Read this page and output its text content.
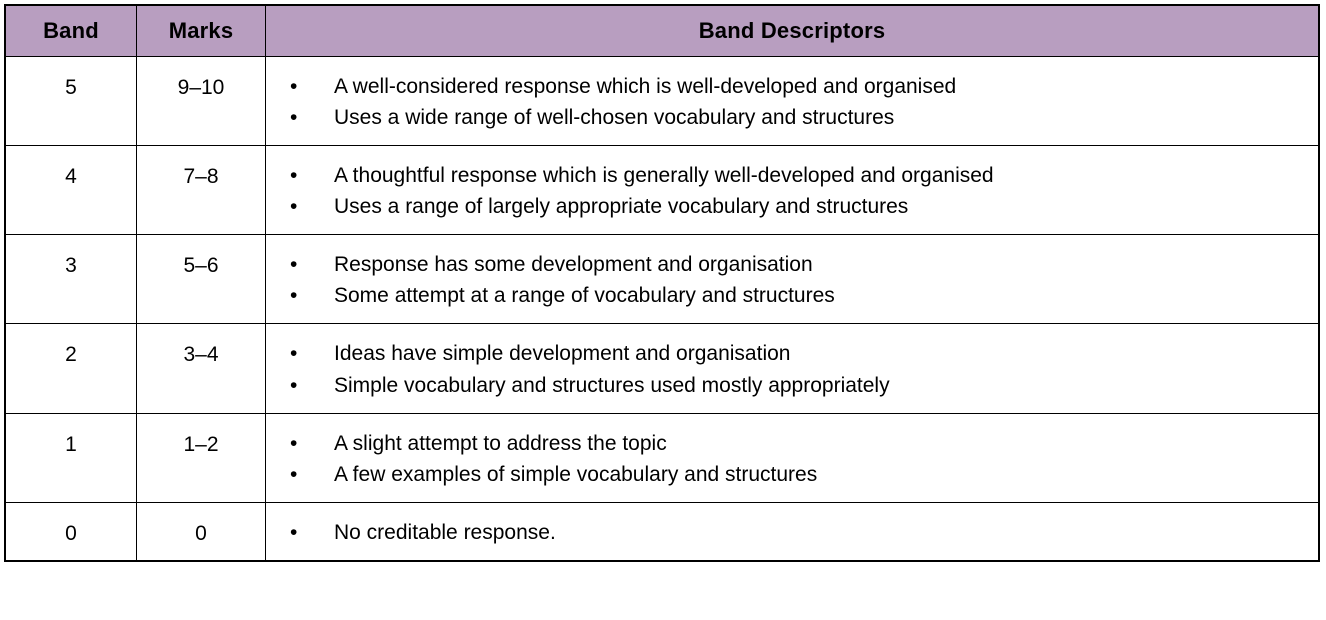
Band	Marks	Band Descriptors
5	9–10	• A well-considered response which is well-developed and organised
• Uses a wide range of well-chosen vocabulary and structures

4	7–8	• A thoughtful response which is generally well-developed and organised
• Uses a range of largely appropriate vocabulary and structures

3	5–6	• Response has some development and organisation
• Some attempt at a range of vocabulary and structures

2	3–4	• Ideas have simple development and organisation
• Simple vocabulary and structures used mostly appropriately

1	1–2	• A slight attempt to address the topic
• A few examples of simple vocabulary and structures

0	0	• No creditable response.
